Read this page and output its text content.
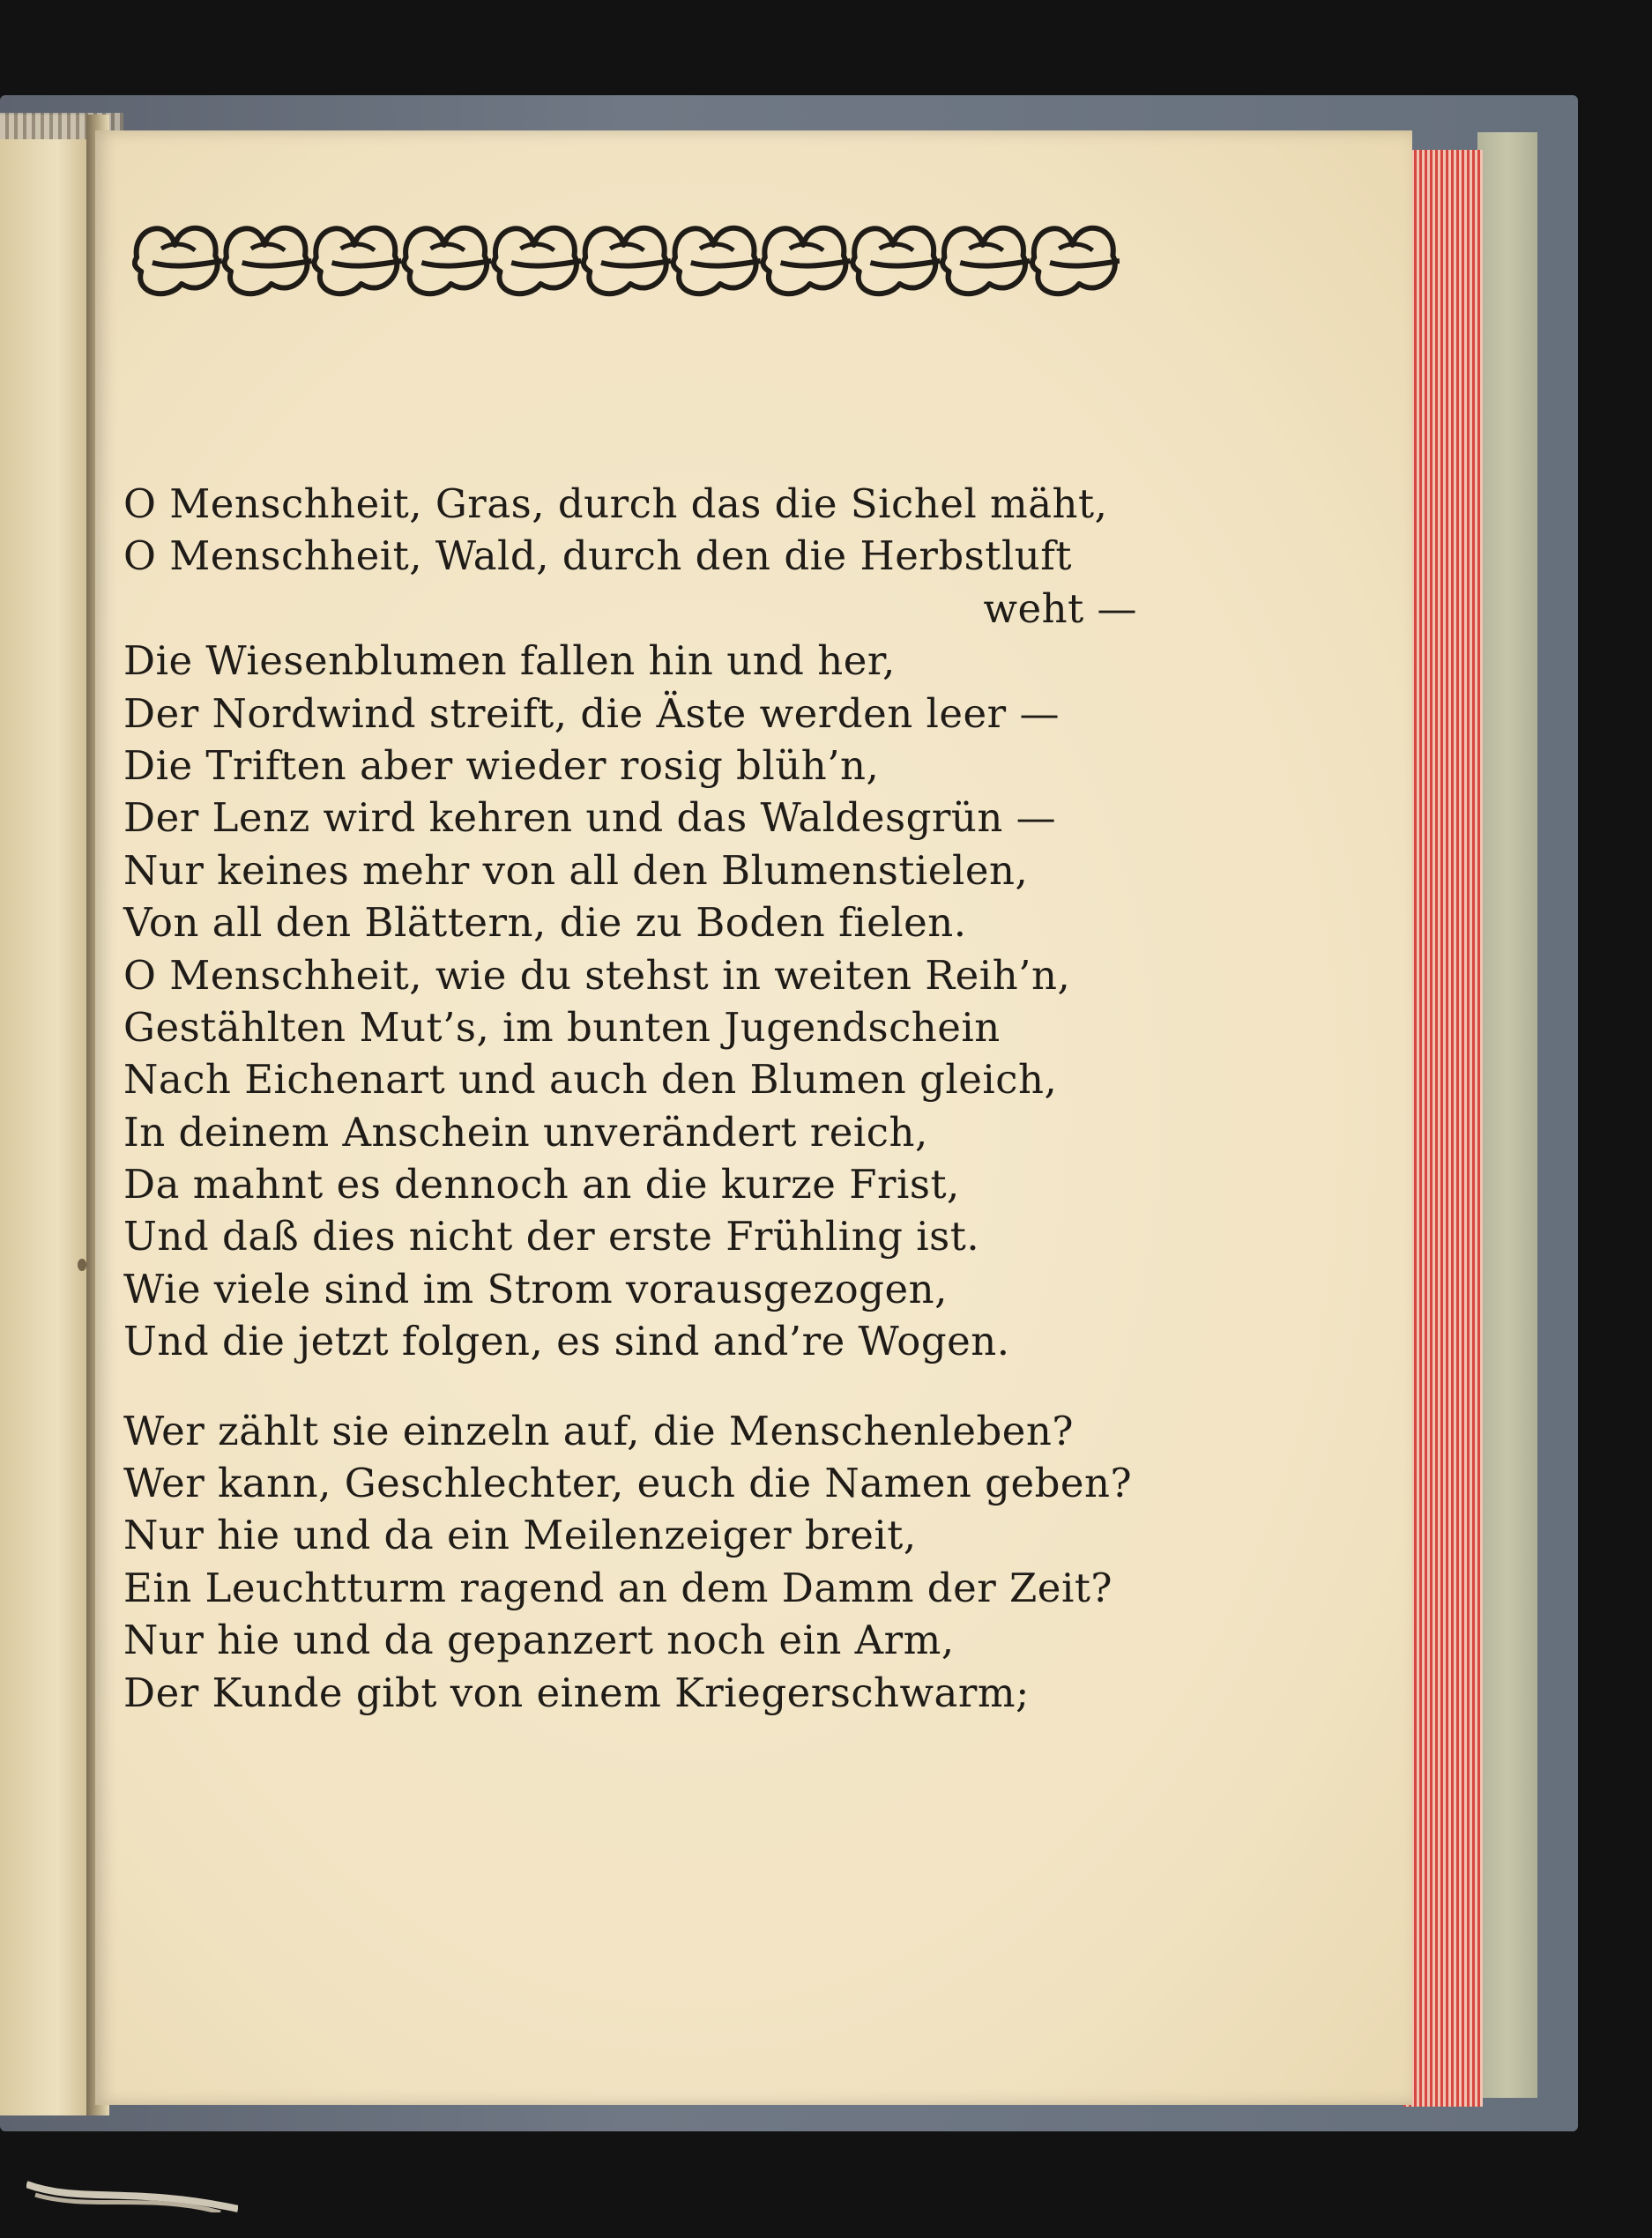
O Menschheit, Gras, durch das die Sichel mäht,
O Menschheit, Wald, durch den die Herbstluft
weht —
Die Wiesenblumen fallen hin und her,
Der Nordwind streift, die Äste werden leer —
Die Triften aber wieder rosig blüh’n,
Der Lenz wird kehren und das Waldesgrün —
Nur keines mehr von all den Blumenstielen,
Von all den Blättern, die zu Boden fielen.
O Menschheit, wie du stehst in weiten Reih’n,
Gestählten Mut’s, im bunten Jugendschein
Nach Eichenart und auch den Blumen gleich,
In deinem Anschein unverändert reich,
Da mahnt es dennoch an die kurze Frist,
Und daß dies nicht der erste Frühling ist.
Wie viele sind im Strom vorausgezogen,
Und die jetzt folgen, es sind and’re Wogen.
Wer zählt sie einzeln auf, die Menschenleben?
Wer kann, Geschlechter, euch die Namen geben?
Nur hie und da ein Meilenzeiger breit,
Ein Leuchtturm ragend an dem Damm der Zeit?
Nur hie und da gepanzert noch ein Arm,
Der Kunde gibt von einem Kriegerschwarm;
